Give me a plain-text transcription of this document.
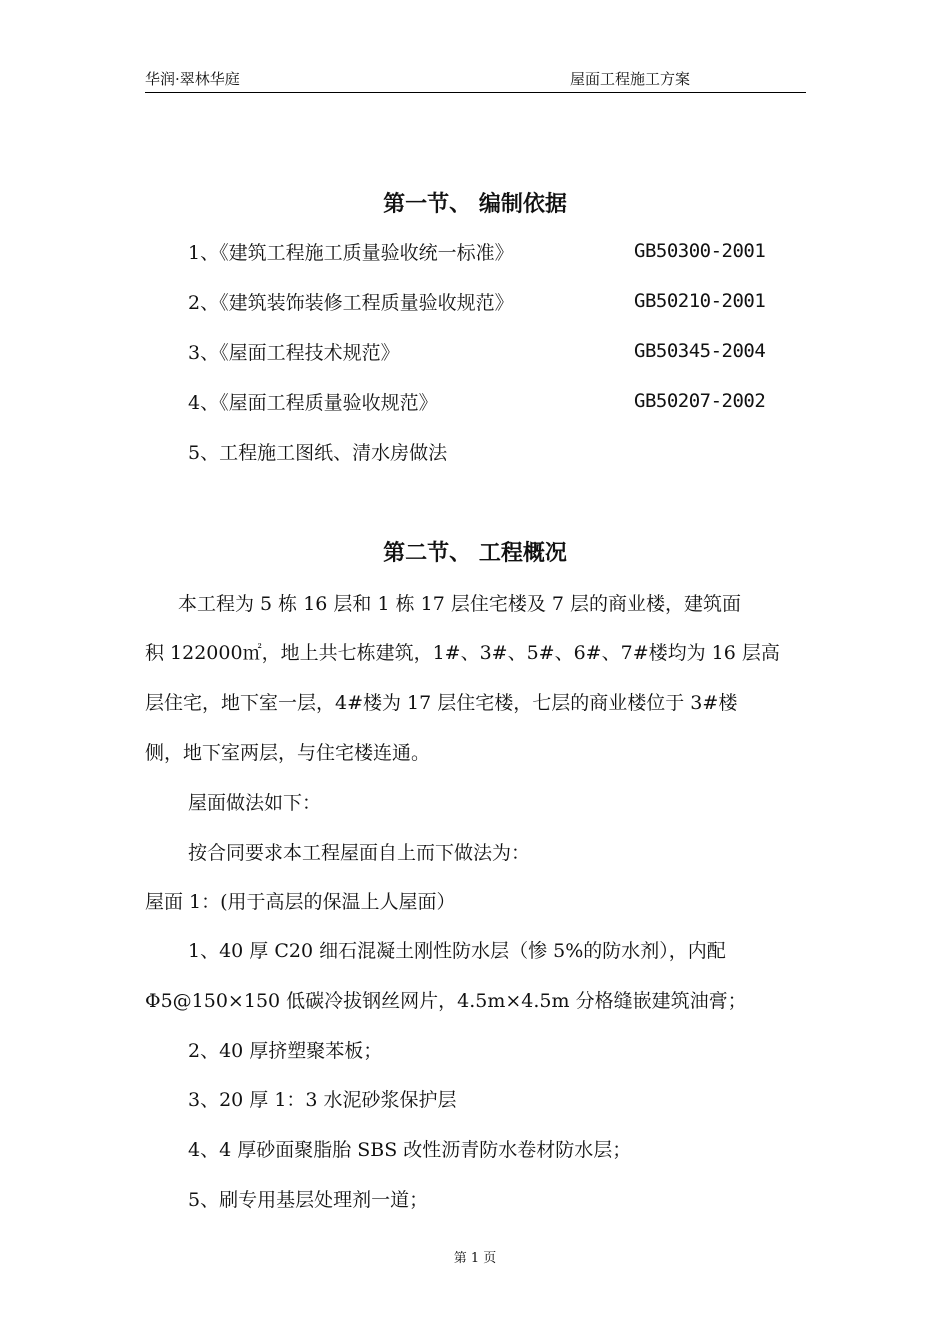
华润·翠林华庭	屋面工程施工方案
第一节、 编制依据
1、《建筑工程施工质量验收统一标准》	GB50300-2001
2、《建筑装饰装修工程质量验收规范》	GB50210-2001
3、《屋面工程技术规范》	GB50345-2004
4、《屋面工程质量验收规范》	GB50207-2002
5、工程施工图纸、清水房做法
第二节、 工程概况
本工程为 5 栋 16 层和 1 栋 17 层住宅楼及 7 层的商业楼，建筑面
积 122000㎡，地上共七栋建筑，1#、3#、5#、6#、7#楼均为 16 层高
层住宅，地下室一层，4#楼为 17 层住宅楼，七层的商业楼位于 3#楼
侧，地下室两层，与住宅楼连通。
屋面做法如下：
按合同要求本工程屋面自上而下做法为：
屋面 1：(用于高层的保温上人屋面）
1、40 厚 C20 细石混凝土刚性防水层（惨 5%的防水剂），内配
Φ5@150×150 低碳冷拔钢丝网片，4.5m×4.5m 分格缝嵌建筑油膏；
2、40 厚挤塑聚苯板；
3、20 厚 1：3 水泥砂浆保护层
4、4 厚砂面聚脂胎 SBS 改性沥青防水卷材防水层；
5、刷专用基层处理剂一道；
第 1 页
